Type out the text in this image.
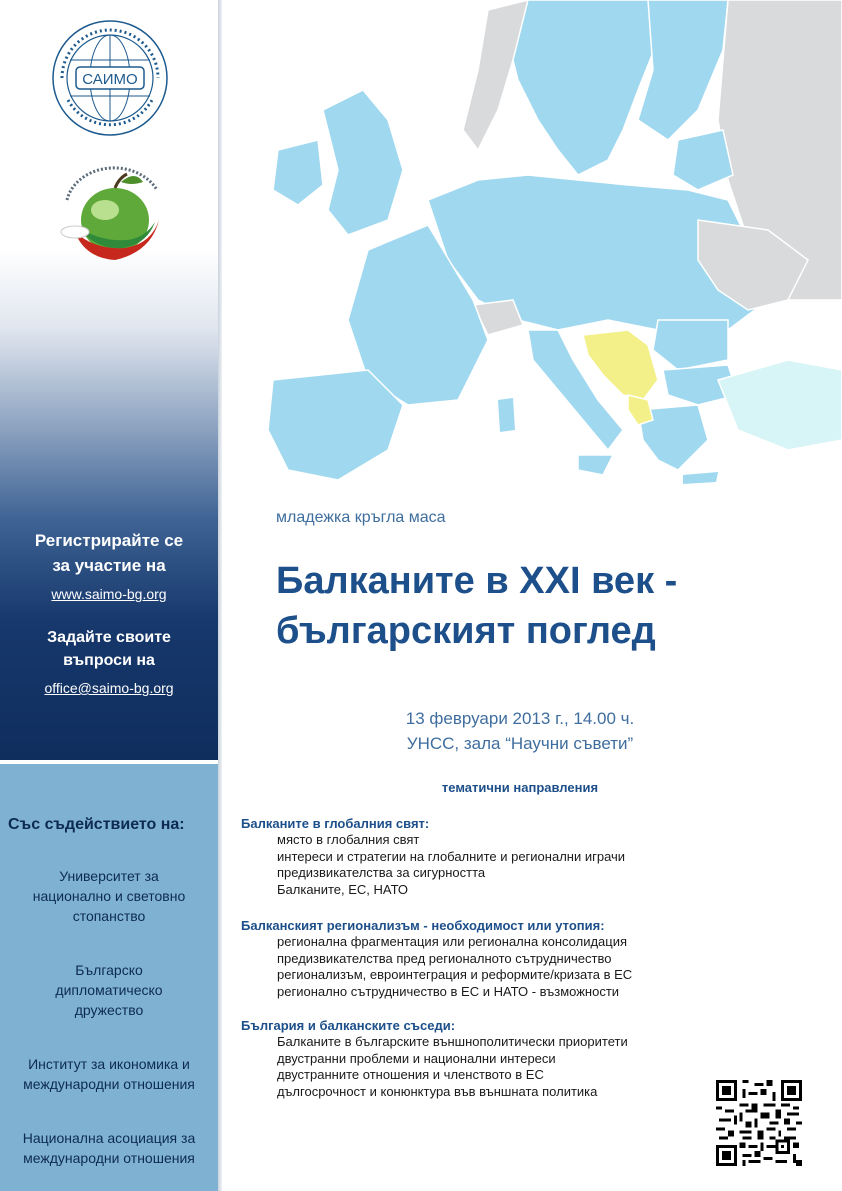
САИМО
Регистрирайте се
за участие на
www.saimo-bg.org
Задайте своите
въпроси на
office@saimo-bg.org
Със съдействието на:
Университет за
национално и световно
стопанство
Българско
дипломатическо
дружество
Институт за икономика и
международни отношения
Национална асоциация за
международни отношения
младежка кръгла маса
Балканите в XXI век -
българският поглед
13 февруари 2013 г., 14.00 ч.
УНСС, зала “Научни съвети”
тематични направления
Балканите в глобалния свят:
място в глобалния свят
интереси и стратегии на глобалните и регионални играчи
предизвикателства за сигурността
Балканите, ЕС, НАТО
Балканският регионализъм - необходимост или утопия:
регионална фрагментация или регионална консолидация
предизвикателства пред регионалното сътрудничество
регионализъм, евроинтеграция и реформите/кризата в ЕС
регионално сътрудничество в ЕС и НАТО - възможности
България и балканските съседи:
Балканите в българските външнополитически приоритети
двустранни проблеми и национални интереси
двустранните отношения и членството в ЕС
дългосрочност и конюнктура във външната политика
